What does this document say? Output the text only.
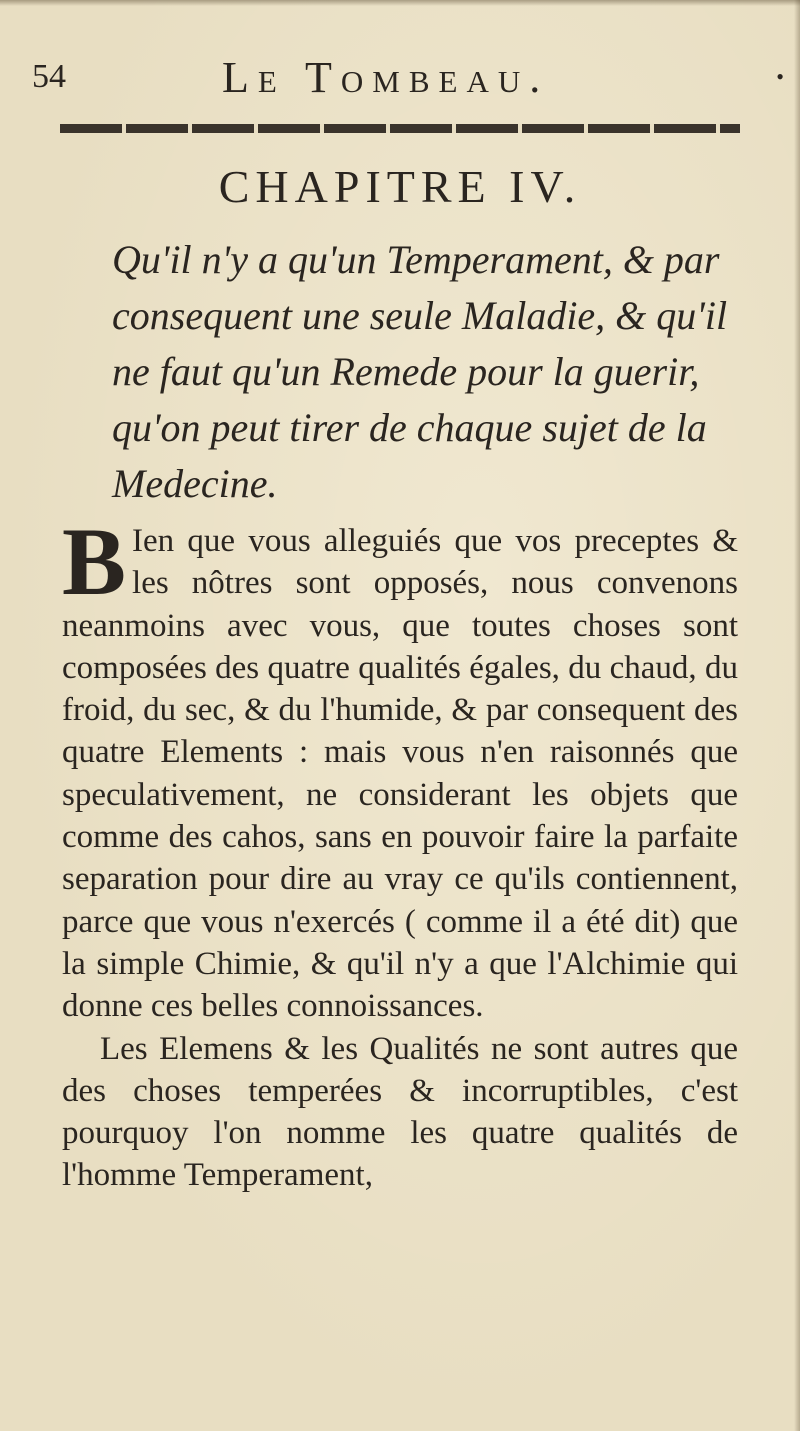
54	Le Tombeau.	•
CHAPITRE IV.
Qu'il n'y a qu'un Temperament, & par consequent une seule Maladie, & qu'il ne faut qu'un Remede pour la guerir, qu'on peut tirer de chaque sujet de la Medecine.

B Ien que vous alleguiés que vos preceptes & les nôtres sont opposés, nous convenons neanmoins avec vous, que toutes choses sont composées des quatre qualités égales, du chaud, du froid, du sec, & du l'humide, & par consequent des quatre Elements : mais vous n'en raisonnés que speculativement, ne considerant les objets que comme des cahos, sans en pouvoir faire la parfaite separation pour dire au vray ce qu'ils contiennent, parce que vous n'exercés ( comme il a été dit) que la simple Chimie, & qu'il n'y a que l'Alchimie qui donne ces belles connoissances.

Les Elemens & les Qualités ne sont autres que des choses temperées & incorruptibles, c'est pourquoy l'on nomme les quatre qualités de l'homme Temperament,
